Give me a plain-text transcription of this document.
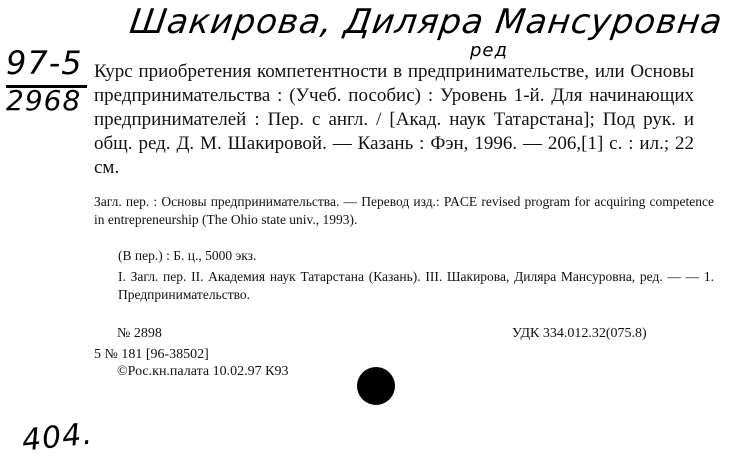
Шакирова, Диляра Мансуровна
ред
97-5
2968
Курс приобретения компетентности в предпринимательстве, или Основы предпринимательства : (Учеб. пособис) : Уровень 1-й. Для начинающих предпринимателей : Пер. с англ. / [Акад. наук Татарстана]; Под рук. и общ. ред. Д. М. Шакировой. — Казань : Фэн, 1996. — 206,[1] с. : ил.; 22 см.
Загл. пер. : Основы предпринимательства. — Перевод изд.: PACE revised program for acquiring competence in entrepreneurship (The Ohio state univ., 1993).
(В пер.) : Б. ц., 5000 экз.
I. Загл. пер. II. Академия наук Татарстана (Казань). III. Шакирова, Диляра Мансуровна, ред. — — 1. Предпринимательство.
№ 2898	УДК 334.012.32(075.8)
5 № 181 [96-38502]
©Рос.кн.палата 10.02.97 К93
404.
